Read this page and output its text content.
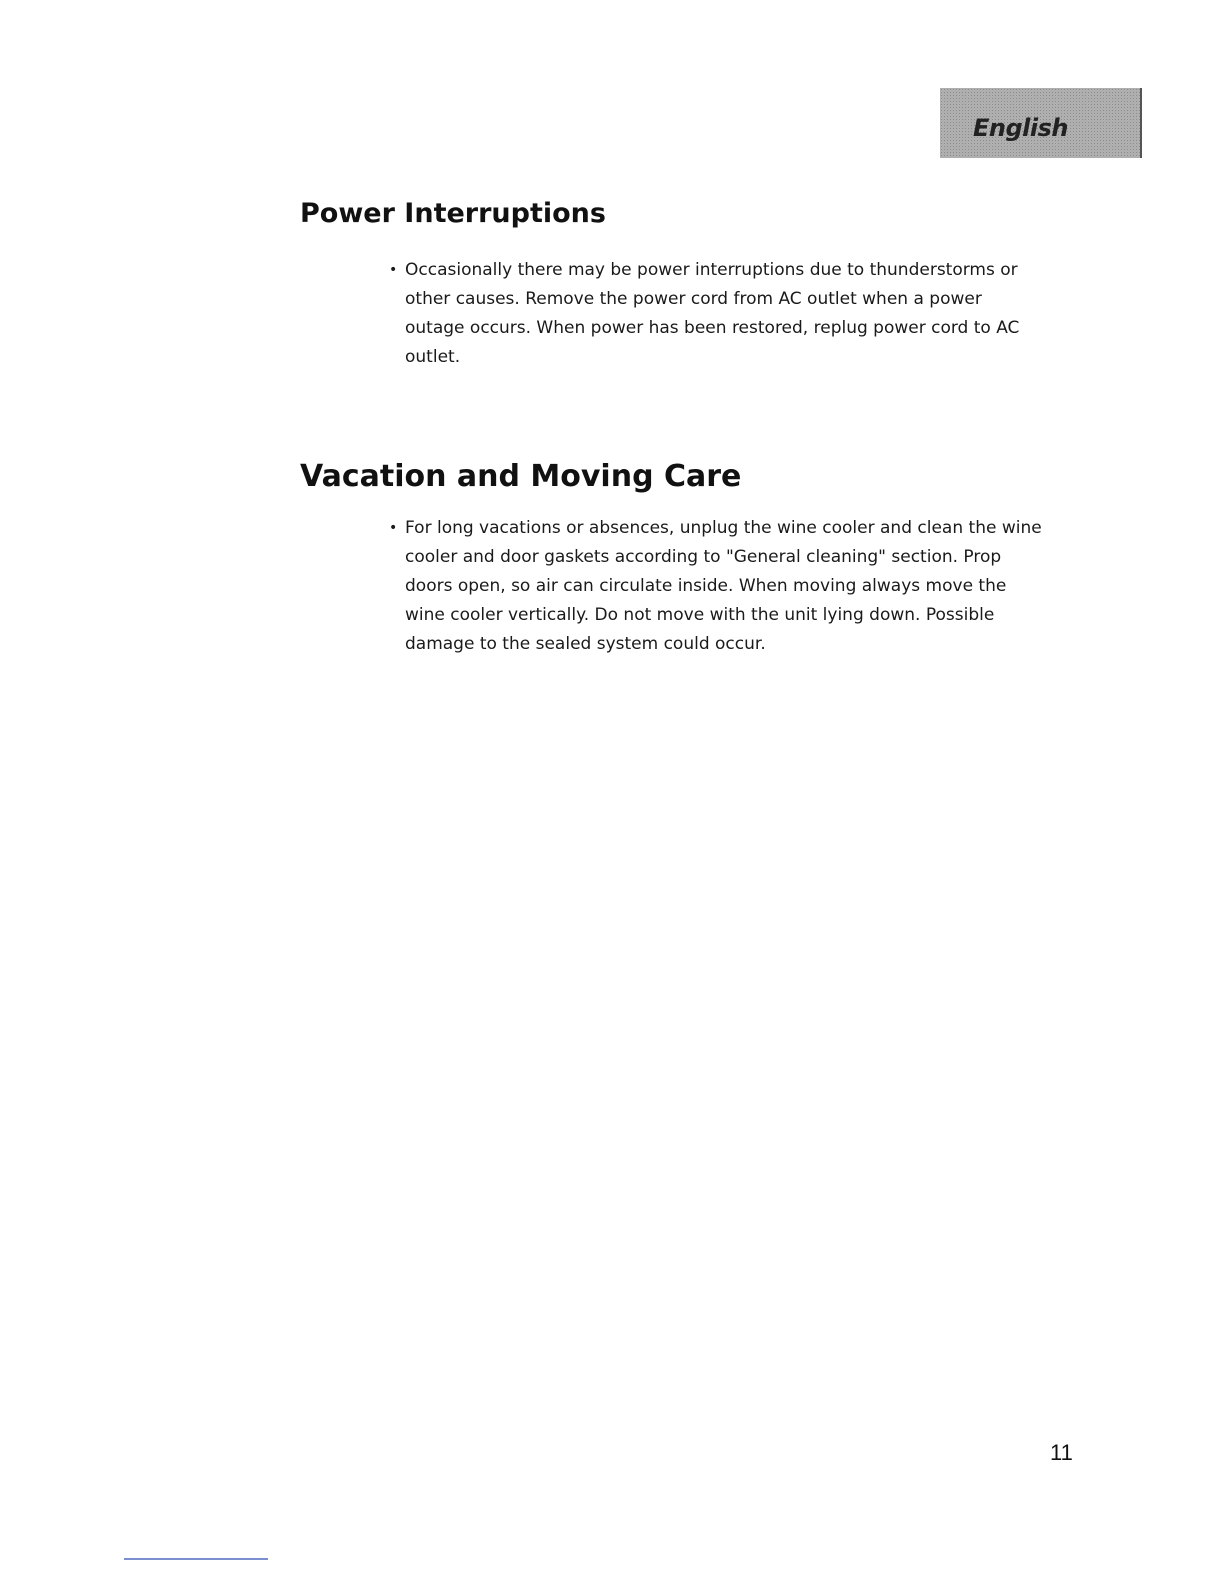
English
Power Interruptions

• Occasionally there may be power interruptions due to thunderstorms or other causes. Remove the power cord from AC outlet when a power outage occurs. When power has been restored, replug power cord to AC outlet.

Vacation and Moving Care

• For long vacations or absences, unplug the wine cooler and clean the wine cooler and door gaskets according to "General cleaning" section. Prop doors open, so air can circulate inside. When moving always move the wine cooler vertically. Do not move with the unit lying down. Possible damage to the sealed system could occur.

11
